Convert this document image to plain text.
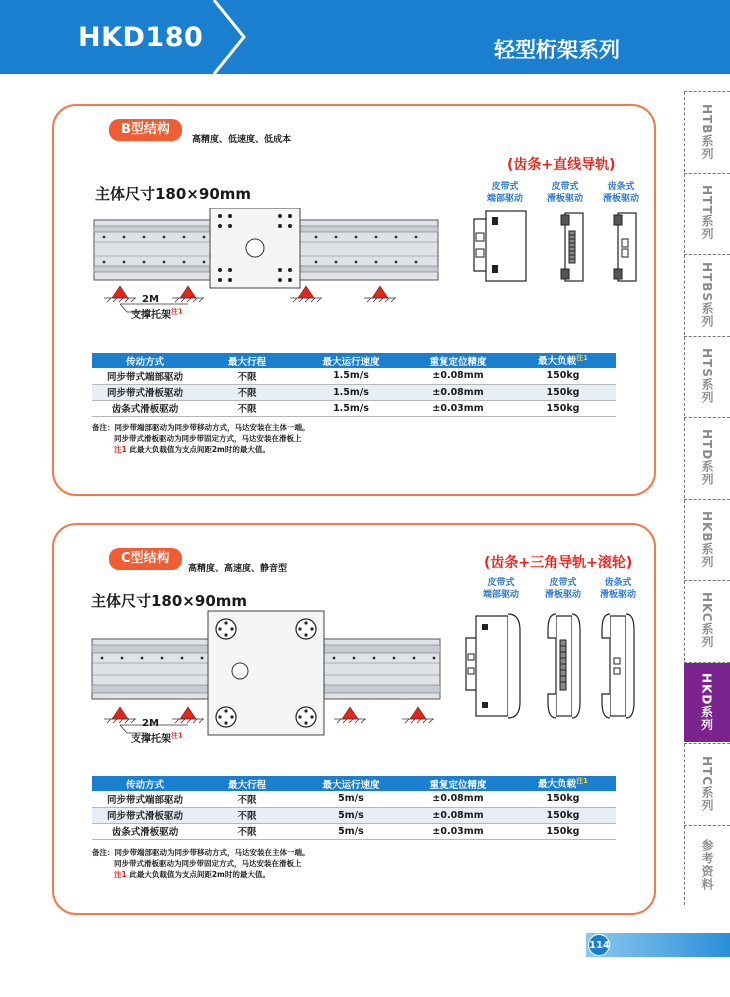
HKD180	轻型桁架系列
HTB系列
HTT系列
HTBS系列
HTS系列
HTD系列
HKB系列
HKC系列
HKD系列
HTC系列
参考资料
B型结构
高精度、低速度、低成本
主体尺寸180×90mm
(齿条+直线导轨)
皮带式
端部驱动
皮带式
滑板驱动
齿条式
滑板驱动
2M
支撑托架$^{注1}$
传动方式	最大行程	最大运行速度	重复定位精度	最大负载$^{注1}$
同步带式端部驱动	不限	1.5m/s	±0.08mm	150kg
同步带式滑板驱动	不限	1.5m/s	±0.08mm	150kg
齿条式滑板驱动	不限	1.5m/s	±0.03mm	150kg
备注：同步带端部驱动为同步带移动方式，马达安装在主体一端。
同步带式滑板驱动为同步带固定方式，马达安装在滑板上
注1 此最大负载值为支点间距2m时的最大值。
C型结构
高精度、高速度、静音型
主体尺寸180×90mm
(齿条+三角导轨+滚轮)
皮带式
端部驱动
皮带式
滑板驱动
齿条式
滑板驱动
2M
支撑托架$^{注1}$
传动方式	最大行程	最大运行速度	重复定位精度	最大负载$^{注1}$
同步带式端部驱动	不限	5m/s	±0.08mm	150kg
同步带式滑板驱动	不限	5m/s	±0.08mm	150kg
齿条式滑板驱动	不限	5m/s	±0.03mm	150kg
备注：同步带端部驱动为同步带移动方式，马达安装在主体一端。
同步带式滑板驱动为同步带固定方式，马达安装在滑板上
注1 此最大负载值为支点间距2m时的最大值。
114
